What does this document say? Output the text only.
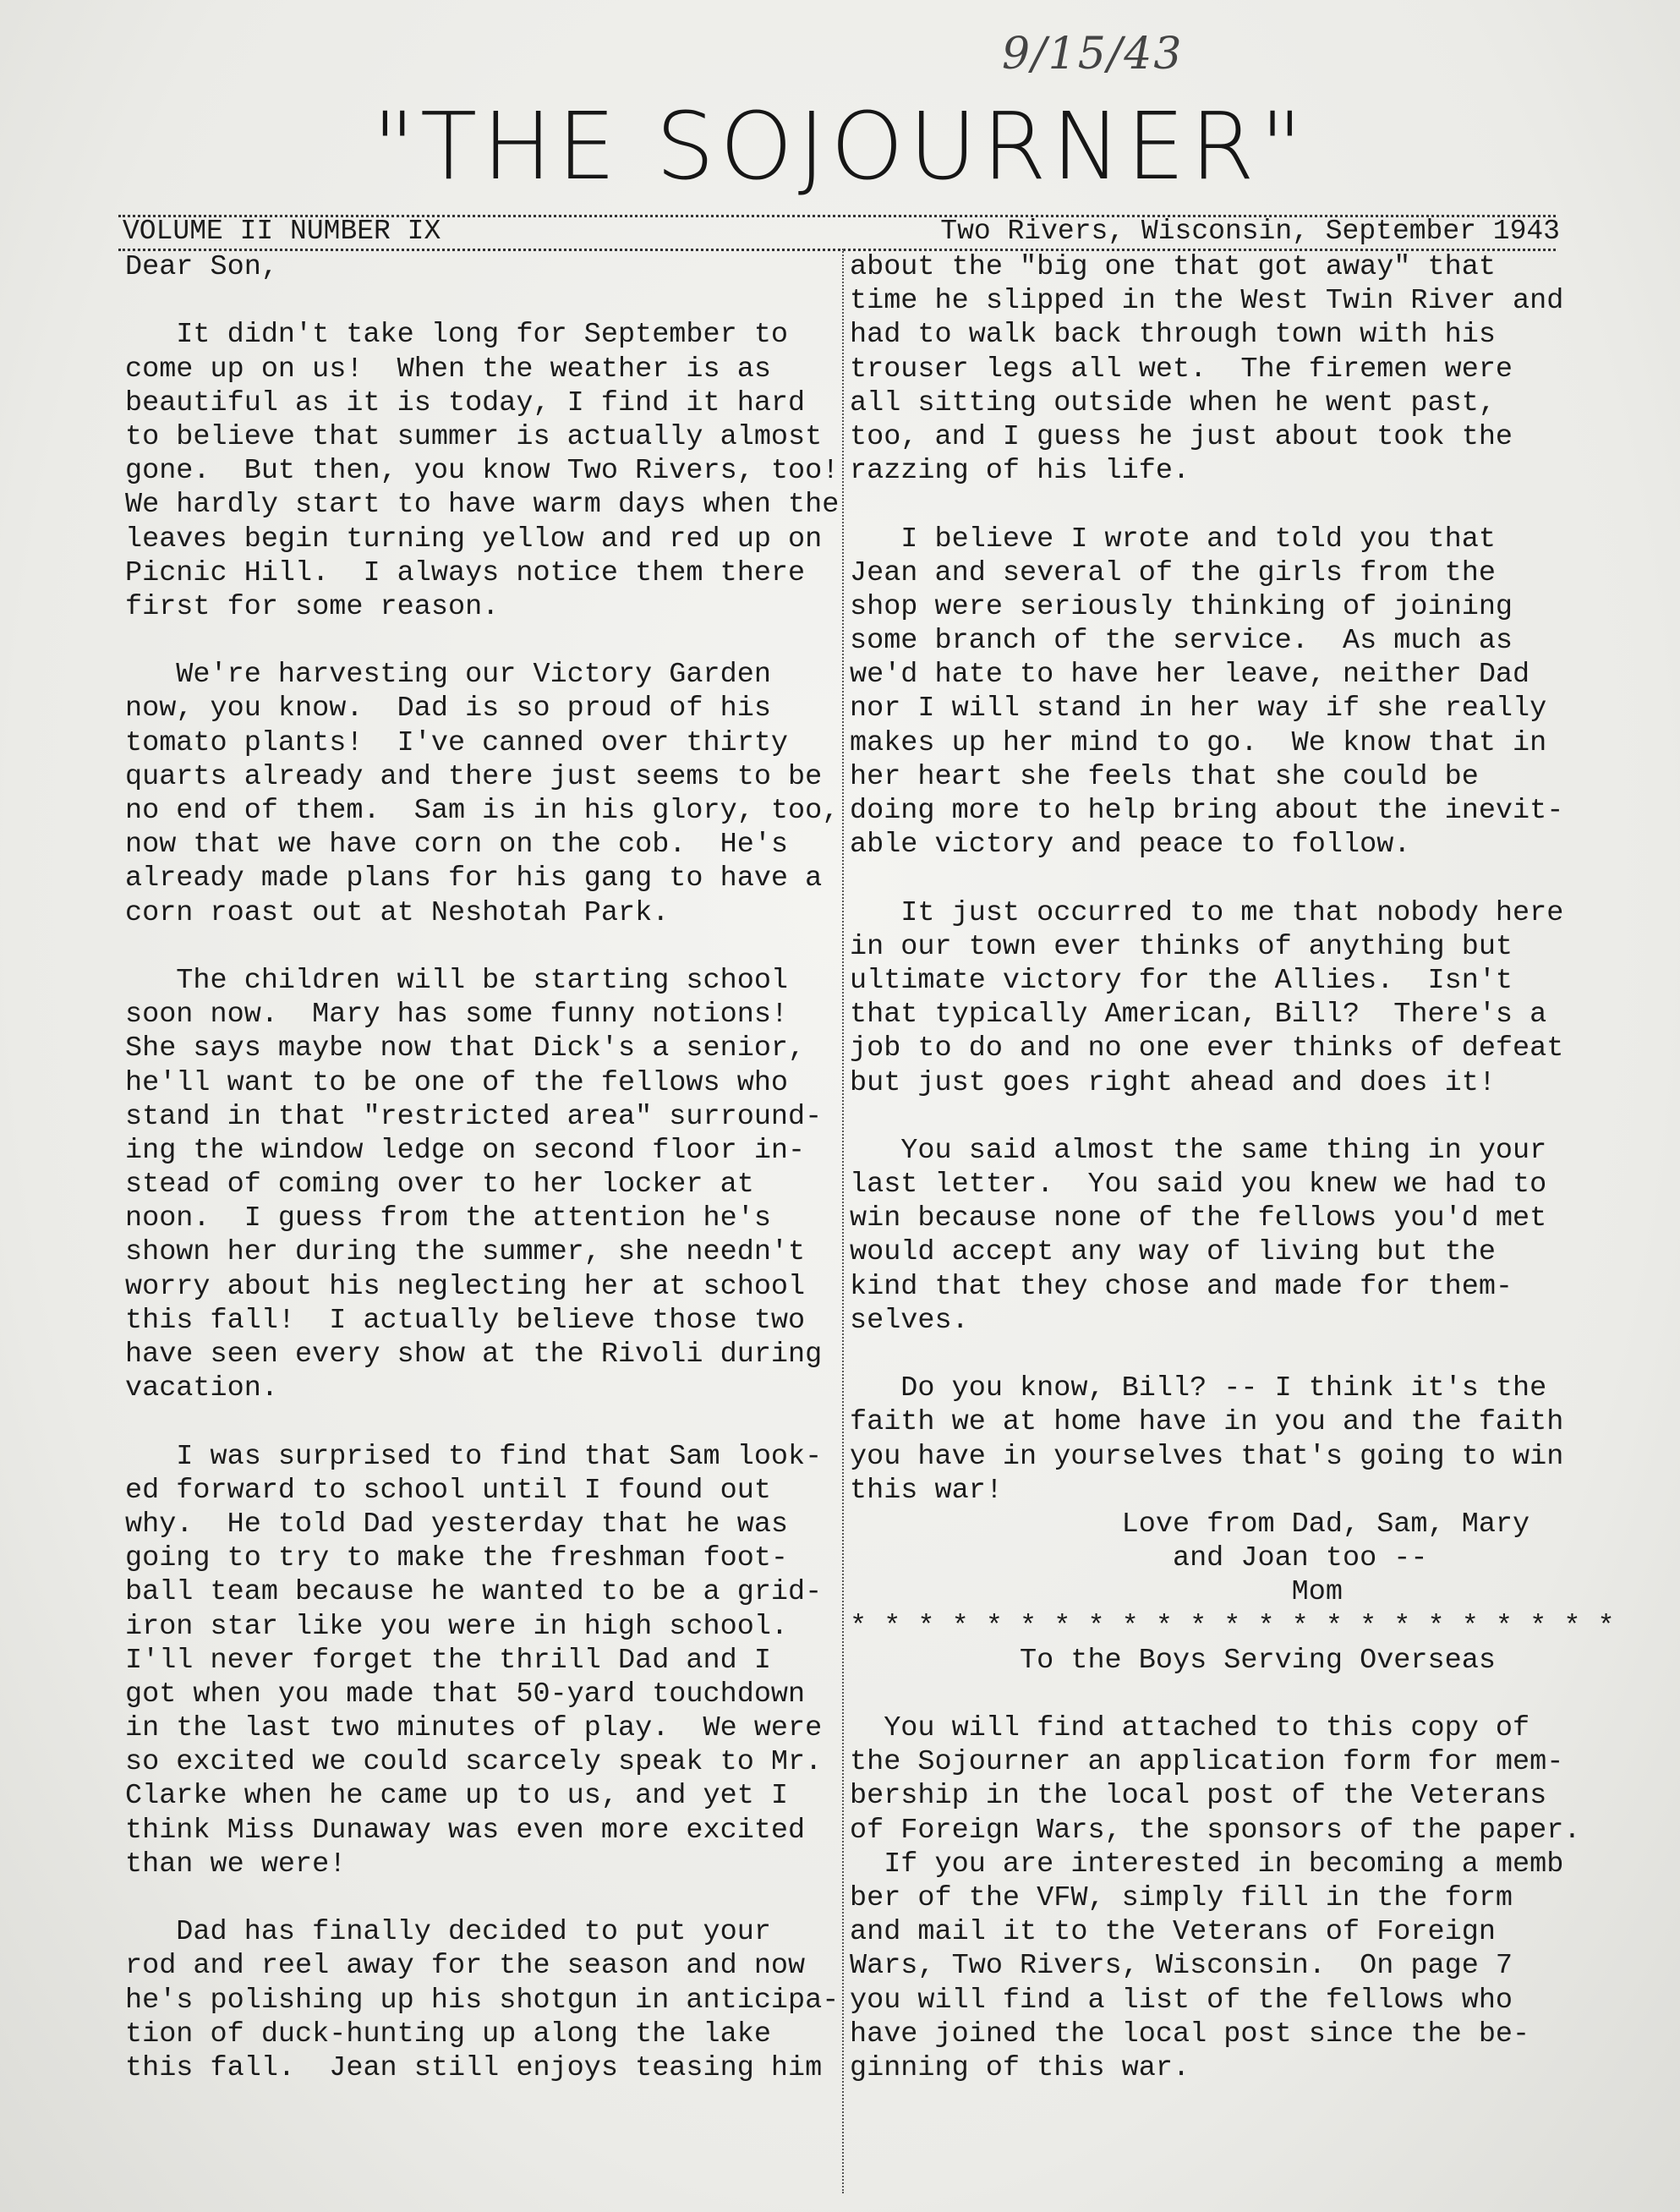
9/15/43
"THE SOJOURNER"
VOLUME II NUMBER IX	Two Rivers, Wisconsin, September 1943
Dear Son,
It didn't take long for September to
come up on us!  When the weather is as
beautiful as it is today, I find it hard
to believe that summer is actually almost
gone.  But then, you know Two Rivers, too!
We hardly start to have warm days when the
leaves begin turning yellow and red up on
Picnic Hill.  I always notice them there
first for some reason.
We're harvesting our Victory Garden
now, you know.  Dad is so proud of his
tomato plants!  I've canned over thirty
quarts already and there just seems to be
no end of them.  Sam is in his glory, too,
now that we have corn on the cob.  He's
already made plans for his gang to have a
corn roast out at Neshotah Park.
The children will be starting school
soon now.  Mary has some funny notions!
She says maybe now that Dick's a senior,
he'll want to be one of the fellows who
stand in that "restricted area" surround-
ing the window ledge on second floor in-
stead of coming over to her locker at
noon.  I guess from the attention he's
shown her during the summer, she needn't
worry about his neglecting her at school
this fall!  I actually believe those two
have seen every show at the Rivoli during
vacation.
I was surprised to find that Sam look-
ed forward to school until I found out
why.  He told Dad yesterday that he was
going to try to make the freshman foot-
ball team because he wanted to be a grid-
iron star like you were in high school.
I'll never forget the thrill Dad and I
got when you made that 50-yard touchdown
in the last two minutes of play.  We were
so excited we could scarcely speak to Mr.
Clarke when he came up to us, and yet I
think Miss Dunaway was even more excited
than we were!
Dad has finally decided to put your
rod and reel away for the season and now
he's polishing up his shotgun in anticipa-
tion of duck-hunting up along the lake
this fall.  Jean still enjoys teasing him
about the "big one that got away" that
time he slipped in the West Twin River and
had to walk back through town with his
trouser legs all wet.  The firemen were
all sitting outside when he went past,
too, and I guess he just about took the
razzing of his life.
I believe I wrote and told you that
Jean and several of the girls from the
shop were seriously thinking of joining
some branch of the service.  As much as
we'd hate to have her leave, neither Dad
nor I will stand in her way if she really
makes up her mind to go.  We know that in
her heart she feels that she could be
doing more to help bring about the inevit-
able victory and peace to follow.
It just occurred to me that nobody here
in our town ever thinks of anything but
ultimate victory for the Allies.  Isn't
that typically American, Bill?  There's a
job to do and no one ever thinks of defeat
but just goes right ahead and does it!
You said almost the same thing in your
last letter.  You said you knew we had to
win because none of the fellows you'd met
would accept any way of living but the
kind that they chose and made for them-
selves.
Do you know, Bill? -- I think it's the
faith we at home have in you and the faith
you have in yourselves that's going to win
this war!
Love from Dad, Sam, Mary
and Joan too --
Mom
* * * * * * * * * * * * * * * * * * * * * * *
To the Boys Serving Overseas
You will find attached to this copy of
the Sojourner an application form for mem-
bership in the local post of the Veterans
of Foreign Wars, the sponsors of the paper.
If you are interested in becoming a memb
ber of the VFW, simply fill in the form
and mail it to the Veterans of Foreign
Wars, Two Rivers, Wisconsin.  On page 7
you will find a list of the fellows who
have joined the local post since the be-
ginning of this war.
